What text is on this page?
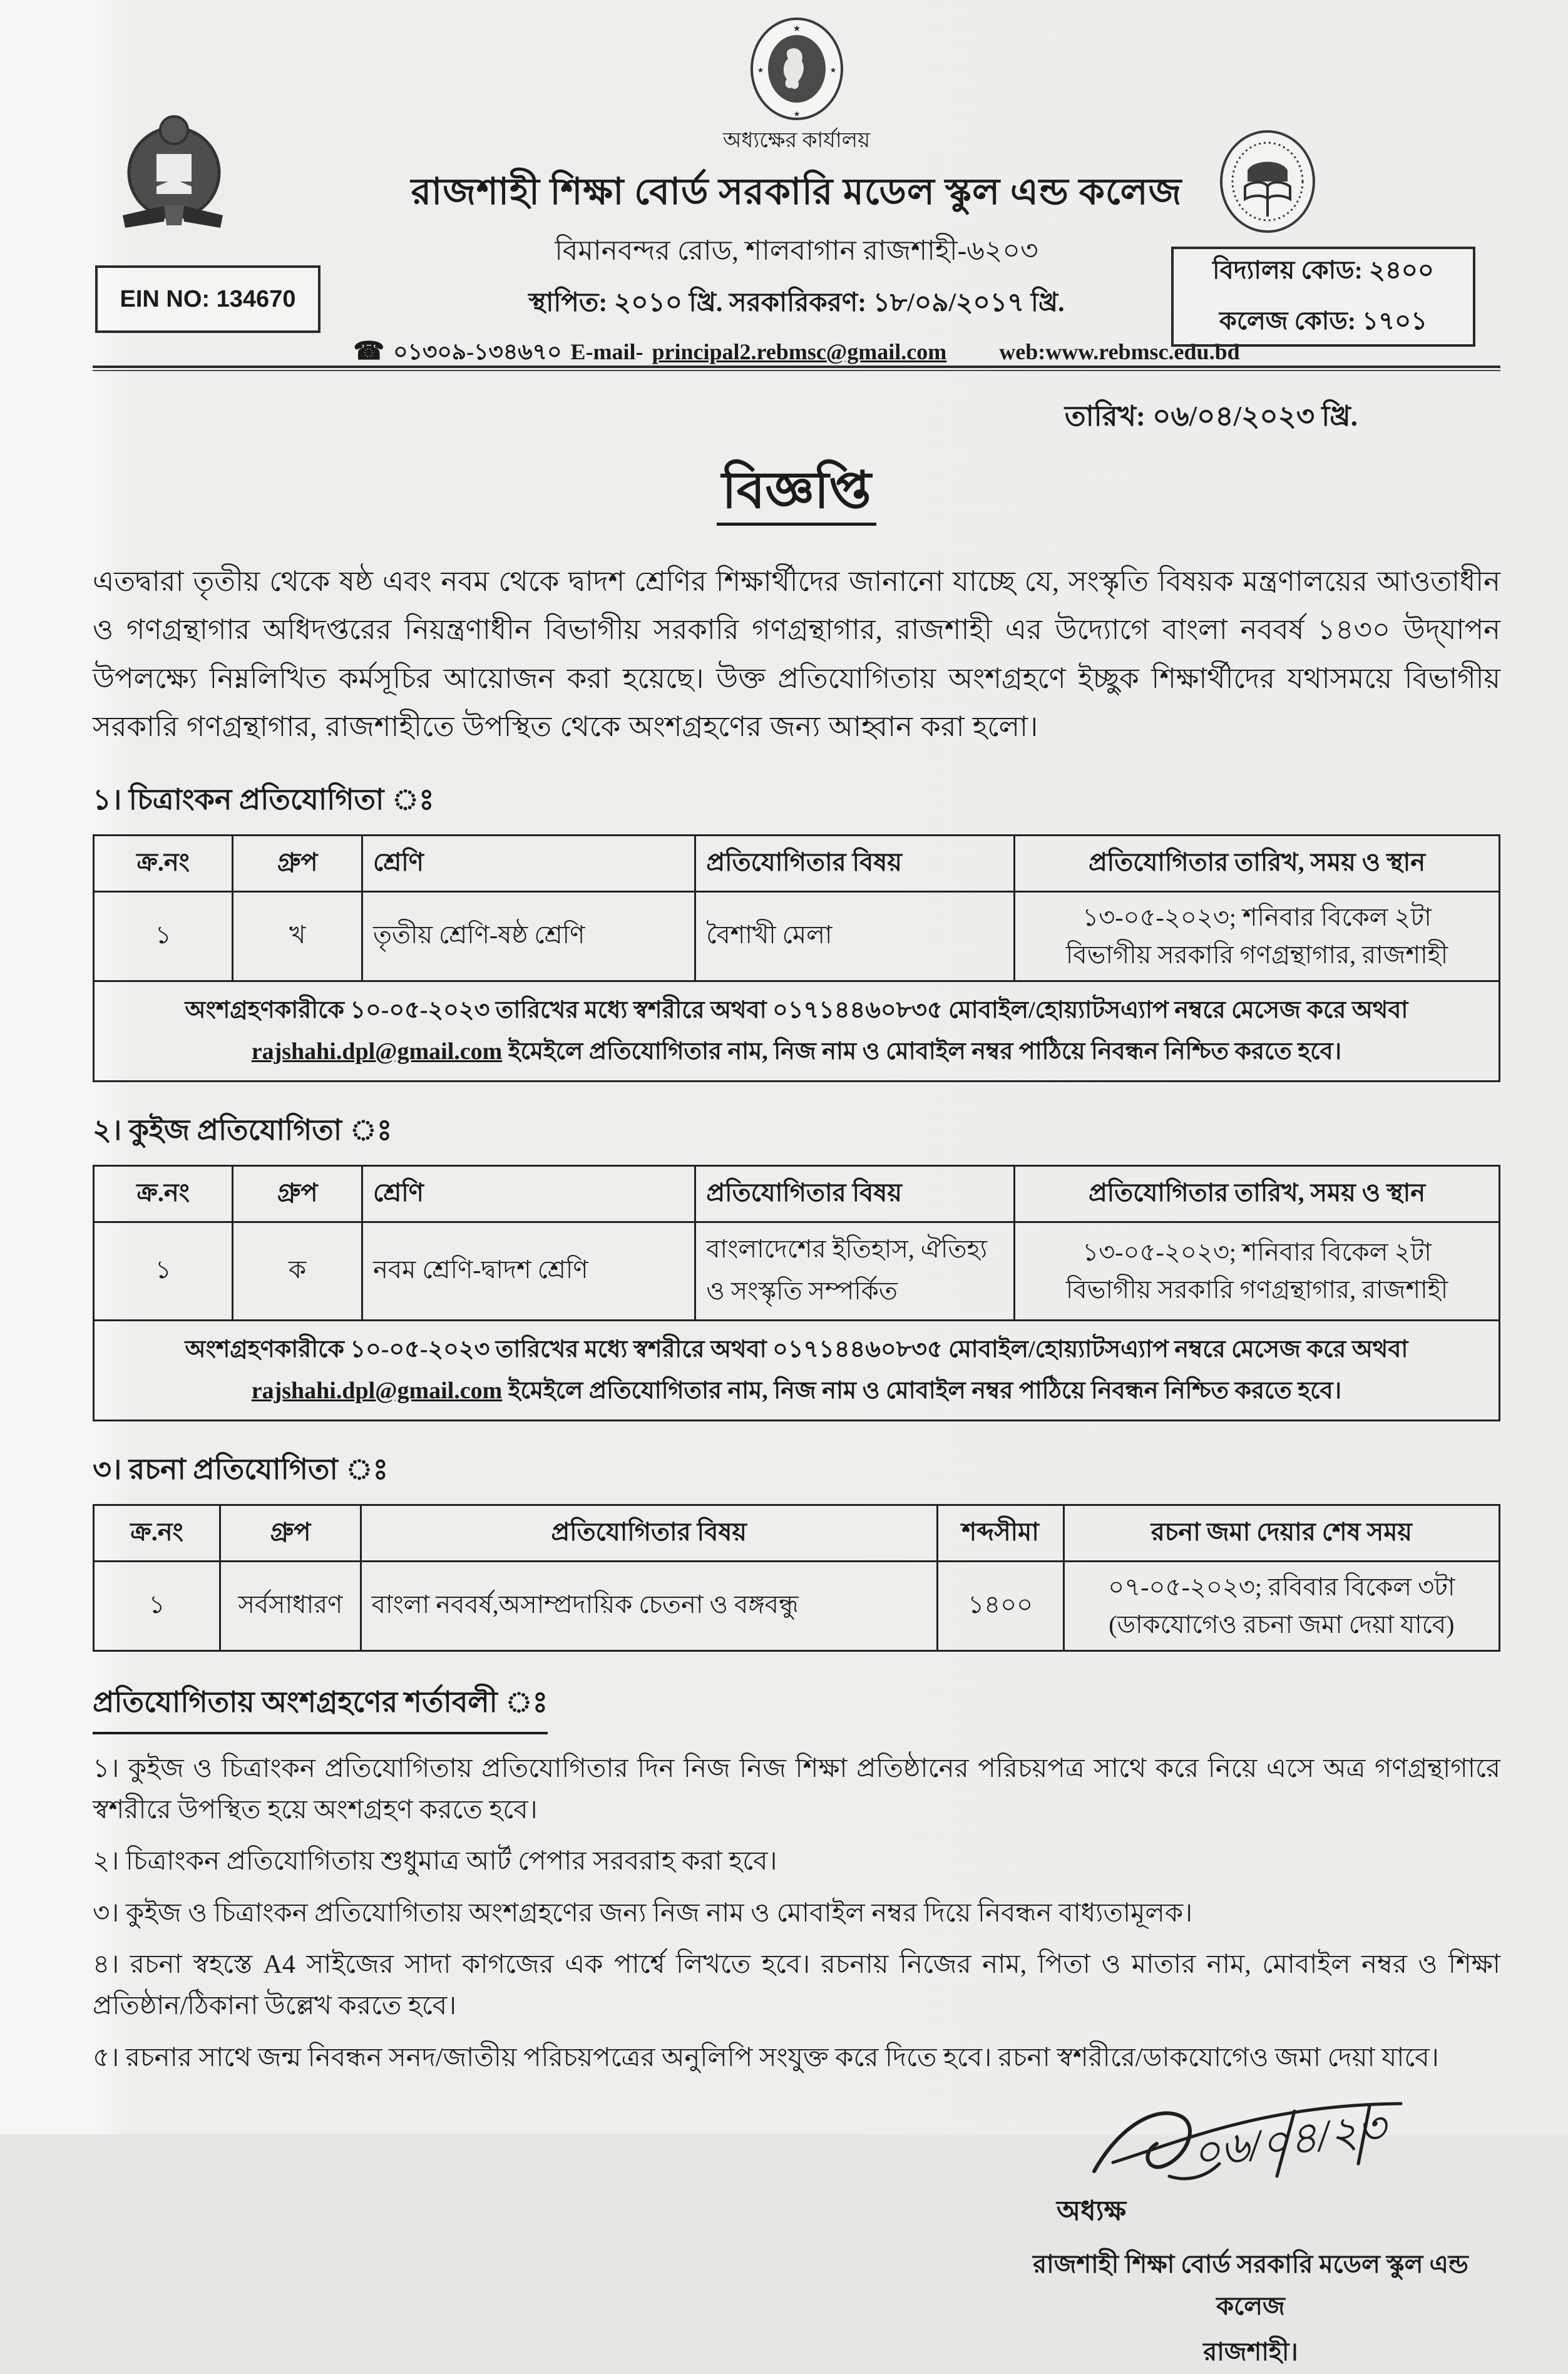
★
★	★
★
অধ্যক্ষের কার্যালয়
রাজশাহী শিক্ষা বোর্ড সরকারি মডেল স্কুল এন্ড কলেজ
বিমানবন্দর রোড, শালবাগান রাজশাহী-৬২০৩
স্থাপিত: ২০১০ খ্রি. সরকারিকরণ: ১৮/০৯/২০১৭ খ্রি.
☎ ০১৩০৯-১৩৪৬৭০ E-mail- principal2.rebmsc@gmail.com web:www.rebmsc.edu.bd
EIN NO: 134670
বিদ্যালয় কোড: ২৪০০
কলেজ কোড: ১৭০১
তারিখ: ০৬/০৪/২০২৩ খ্রি.
বিজ্ঞপ্তি
এতদ্বারা তৃতীয় থেকে ষষ্ঠ এবং নবম থেকে দ্বাদশ শ্রেণির শিক্ষার্থীদের জানানো যাচ্ছে যে, সংস্কৃতি বিষয়ক মন্ত্রণালয়ের আওতাধীন ও গণগ্রন্থাগার অধিদপ্তরের নিয়ন্ত্রণাধীন বিভাগীয় সরকারি গণগ্রন্থাগার, রাজশাহী এর উদ্যোগে বাংলা নববর্ষ ১৪৩০ উদ্‌যাপন উপলক্ষ্যে নিম্নলিখিত কর্মসূচির আয়োজন করা হয়েছে। উক্ত প্রতিযোগিতায় অংশগ্রহণে ইচ্ছুক শিক্ষার্থীদের যথাসময়ে বিভাগীয় সরকারি গণগ্রন্থাগার, রাজশাহীতে উপস্থিত থেকে অংশগ্রহণের জন্য আহ্বান করা হলো।
১। চিত্রাংকন প্রতিযোগিতা ঃ
ক্র.নং	গ্রুপ	শ্রেণি	প্রতিযোগিতার বিষয়	প্রতিযোগিতার তারিখ, সময় ও স্থান
১	খ	তৃতীয় শ্রেণি-ষষ্ঠ শ্রেণি	বৈশাখী মেলা	১৩-০৫-২০২৩; শনিবার বিকেল ২টা
বিভাগীয় সরকারি গণগ্রন্থাগার, রাজশাহী

অংশগ্রহণকারীকে ১০-০৫-২০২৩ তারিখের মধ্যে স্বশরীরে অথবা ০১৭১৪৪৬০৮৩৫ মোবাইল/হোয়্যাটসএ্যাপ নম্বরে মেসেজ করে অথবা
rajshahi.dpl@gmail.com ইমেইলে প্রতিযোগিতার নাম, নিজ নাম ও মোবাইল নম্বর পাঠিয়ে নিবন্ধন নিশ্চিত করতে হবে।				
২। কুইজ প্রতিযোগিতা ঃ
ক্র.নং	গ্রুপ	শ্রেণি	প্রতিযোগিতার বিষয়	প্রতিযোগিতার তারিখ, সময় ও স্থান
১	ক	নবম শ্রেণি-দ্বাদশ শ্রেণি	বাংলাদেশের ইতিহাস, ঐতিহ্য ও সংস্কৃতি সম্পর্কিত	১৩-০৫-২০২৩; শনিবার বিকেল ২টা
বিভাগীয় সরকারি গণগ্রন্থাগার, রাজশাহী

অংশগ্রহণকারীকে ১০-০৫-২০২৩ তারিখের মধ্যে স্বশরীরে অথবা ০১৭১৪৪৬০৮৩৫ মোবাইল/হোয়্যাটসএ্যাপ নম্বরে মেসেজ করে অথবা
rajshahi.dpl@gmail.com ইমেইলে প্রতিযোগিতার নাম, নিজ নাম ও মোবাইল নম্বর পাঠিয়ে নিবন্ধন নিশ্চিত করতে হবে।				
৩। রচনা প্রতিযোগিতা ঃ
ক্র.নং	গ্রুপ	প্রতিযোগিতার বিষয়	শব্দসীমা	রচনা জমা দেয়ার শেষ সময়
১	সর্বসাধারণ	বাংলা নববর্ষ,অসাম্প্রদায়িক চেতনা ও বঙ্গবন্ধু	১৪০০	০৭-০৫-২০২৩; রবিবার বিকেল ৩টা
(ডাকযোগেও রচনা জমা দেয়া যাবে)
প্রতিযোগিতায় অংশগ্রহণের শর্তাবলী ঃ
১। কুইজ ও চিত্রাংকন প্রতিযোগিতায় প্রতিযোগিতার দিন নিজ নিজ শিক্ষা প্রতিষ্ঠানের পরিচয়পত্র সাথে করে নিয়ে এসে অত্র গণগ্রন্থাগারে স্বশরীরে উপস্থিত হয়ে অংশগ্রহণ করতে হবে।
২। চিত্রাংকন প্রতিযোগিতায় শুধুমাত্র আর্ট পেপার সরবরাহ করা হবে।
৩। কুইজ ও চিত্রাংকন প্রতিযোগিতায় অংশগ্রহণের জন্য নিজ নাম ও মোবাইল নম্বর দিয়ে নিবন্ধন বাধ্যতামূলক।
৪। রচনা স্বহস্তে A4 সাইজের সাদা কাগজের এক পার্শ্বে লিখতে হবে। রচনায় নিজের নাম, পিতা ও মাতার নাম, মোবাইল নম্বর ও শিক্ষা প্রতিষ্ঠান/ঠিকানা উল্লেখ করতে হবে।
৫। রচনার সাথে জন্ম নিবন্ধন সনদ/জাতীয় পরিচয়পত্রের অনুলিপি সংযুক্ত করে দিতে হবে। রচনা স্বশরীরে/ডাকযোগেও জমা দেয়া যাবে।
০৬/০৪/২৩
অধ্যক্ষ
রাজশাহী শিক্ষা বোর্ড সরকারি মডেল স্কুল এন্ড কলেজ
রাজশাহী।
